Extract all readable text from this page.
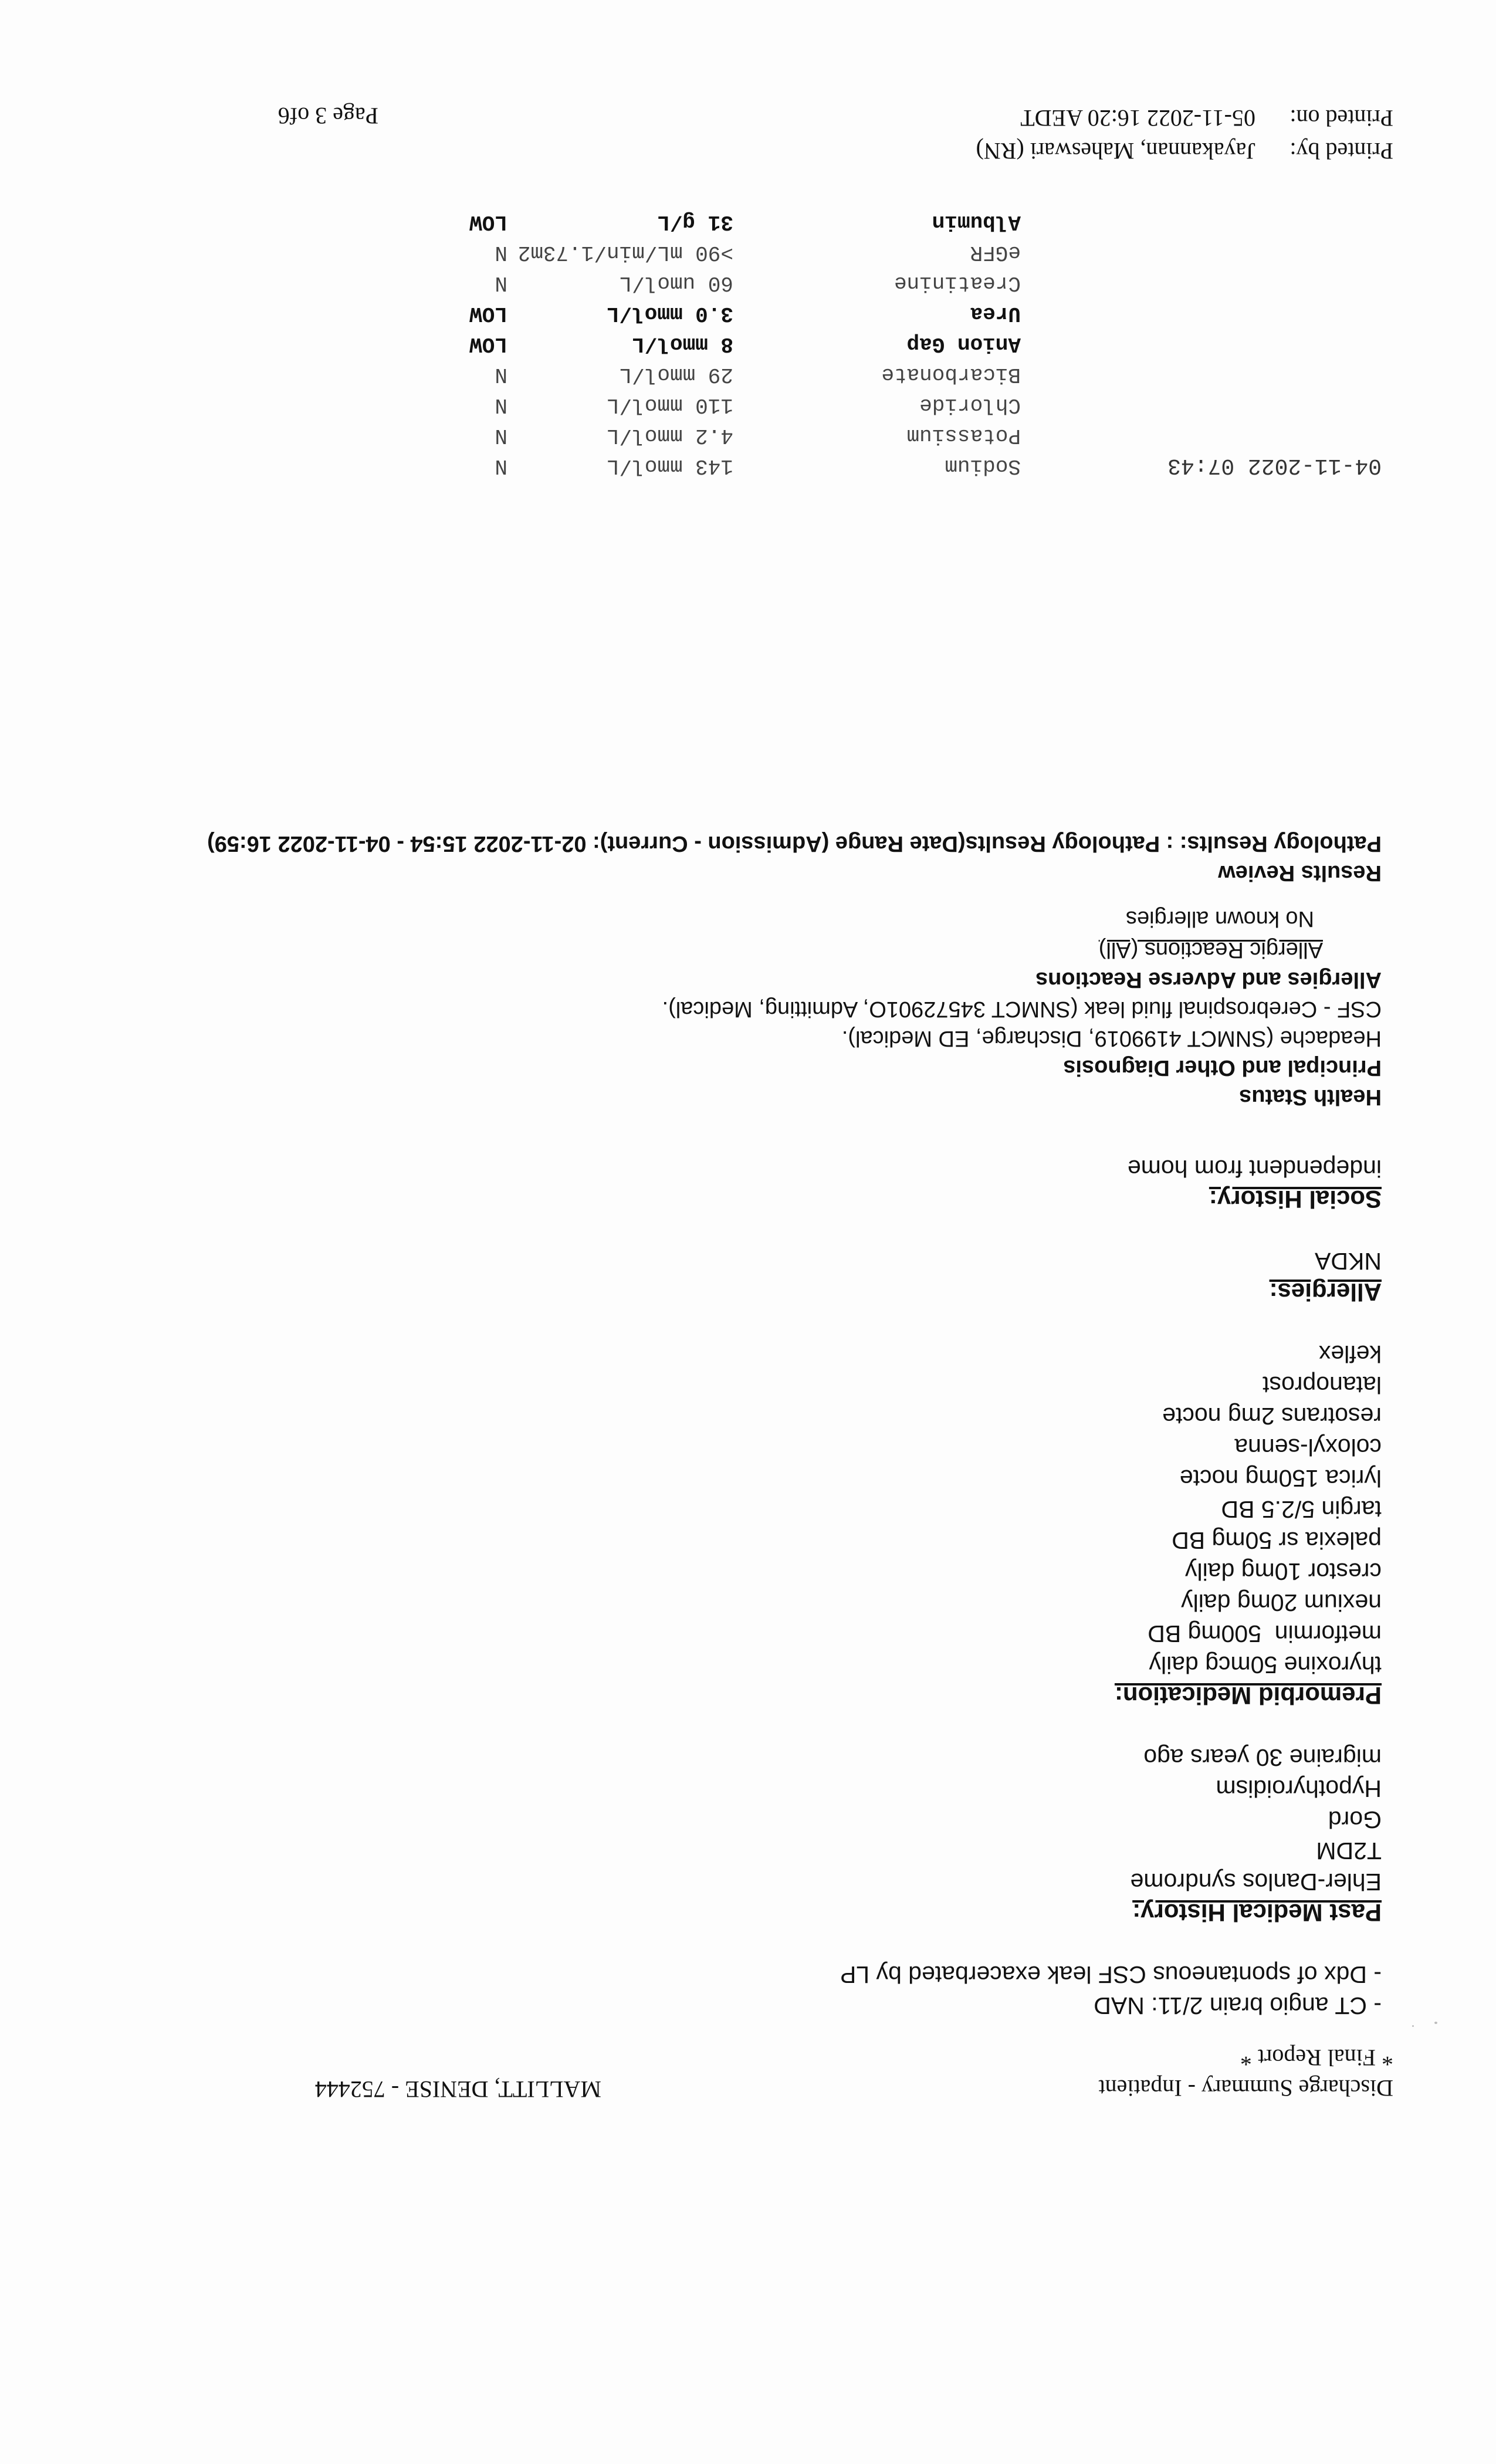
Discharge Summary - Inpatient
* Final Report *
MALLITT, DENISE - 752444
- CT angio brain 2/11: NAD
- Ddx of spontaneous CSF leak exacerbated by LP
Past Medical History:
Ehler-Danlos syndrome
T2DM
Gord
Hypothyroidism
migraine 30 years ago
Premorbid Medication:
thyroxine 50mcg daily
metformin  500mg BD
nexium 20mg daily
crestor 10mg daily
palexia sr 50mg BD
targin 5/2.5 BD
lyrica 150mg nocte
coloxyl-senna
resotrans 2mg nocte
latanoprost
keflex
Allergies:
NKDA
Social History:
independent from home
Health Status
Principal and Other Diagnosis
Headache (SNMCT 4199019, Discharge, ED Medical).
CSF - Cerebrospinal fluid leak (SNMCT 34572901O, Admitting, Medical).
Allergies and Adverse Reactions
Allergic Reactions (All)
No known allergies
Results Review
Pathology Results: : Pathology Results(Date Range (Admission - Current): 02-11-2022 15:54 - 04-11-2022 16:59)
04-11-2022 07:43
Sodium
143 mmol/L
N
Potassium
4.2 mmol/L
N
Chloride
110 mmol/L
N
Bicarbonate
29 mmol/L
N
Anion Gap
8 mmol/L
LOW
Urea
3.0 mmol/L
LOW
Creatinine
60 umol/L
N
eGFR
>90 mL/min/1.73m2
N
Albumin
31 g/L
LOW
Printed by:
Printed on:
Jayakannan, Maheswari (RN)
05-11-2022 16:20 AEDT
Page 3 of6
